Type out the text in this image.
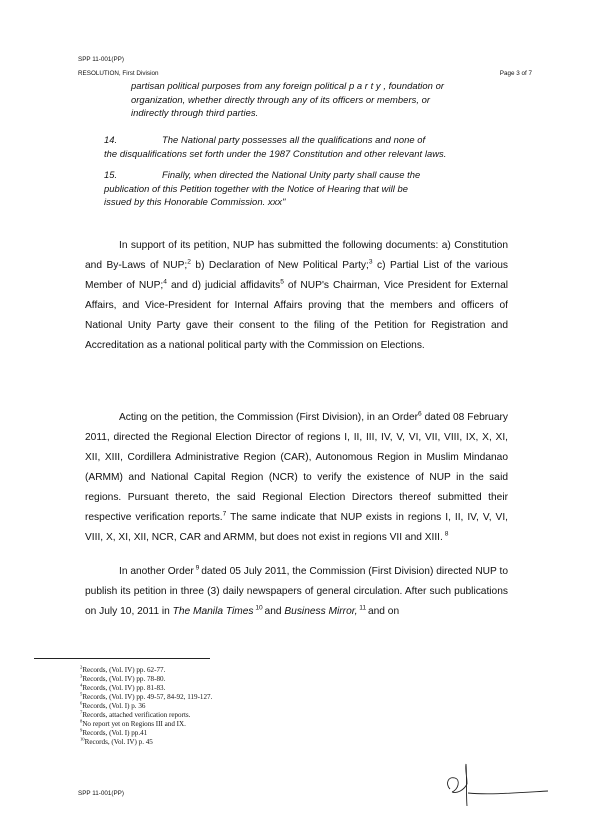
SPP 11-001(PP)
RESOLUTION, First Division	Page 3 of 7
partisan political purposes from any foreign political p a r t y , foundation or
organization, whether directly through any of its officers or members, or
indirectly through third parties.
14.	The National party possesses all the qualifications and none of
the disqualifications set forth under the 1987 Constitution and other relevant laws.
15.	Finally, when directed the National Unity party shall cause the
publication of this Petition together with the Notice of Hearing that will be
issued by this Honorable Commission. xxx"
In support of its petition, NUP has submitted the following documents: a) Constitution and By-Laws of NUP;$^2$ b) Declaration of New Political Party;$^3$ c) Partial List of the various Member of NUP;$^4$ and d) judicial affidavits$^5$ of NUP's Chairman, Vice President for External Affairs, and Vice-President for Internal Affairs proving that the members and officers of National Unity Party gave their consent to the filing of the Petition for Registration and Accreditation as a national political party with the Commission on Elections.
Acting on the petition, the Commission (First Division), in an Order$^6$ dated 08 February 2011, directed the Regional Election Director of regions I, II, III, IV, V, VI, VII, VIII, IX, X, XI, XII, XIII, Cordillera Administrative Region (CAR), Autonomous Region in Muslim Mindanao (ARMM) and National Capital Region (NCR) to verify the existence of NUP in the said regions. Pursuant thereto, the said Regional Election Directors thereof submitted their respective verification reports.$^7$ The same indicate that NUP exists in regions I, II, IV, V, VI, VIII, X, XI, XII, NCR, CAR and ARMM, but does not exist in regions VII and XIII. $^8$
In another Order $^9$ dated 05 July 2011, the Commission (First Division) directed NUP to publish its petition in three (3) daily newspapers of general circulation. After such publications on July 10, 2011 in The Manila Times $^{10}$ and Business Mirror, $^{11}$ and on
$^2$Records, (Vol. IV) pp. 62-77.
$^3$Records, (Vol. IV) pp. 78-80.
$^4$Records, (Vol. IV) pp. 81-83.
$^5$Records, (Vol. IV) pp. 49-57, 84-92, 119-127.
$^6$Records, (Vol. I) p. 36
$^7$Records, attached verification reports.
$^8$No report yet on Regions III and IX.
$^9$Records, (Vol. I) pp.41
$^{10}$Records, (Vol. IV) p. 45
SPP 11-001(PP)
